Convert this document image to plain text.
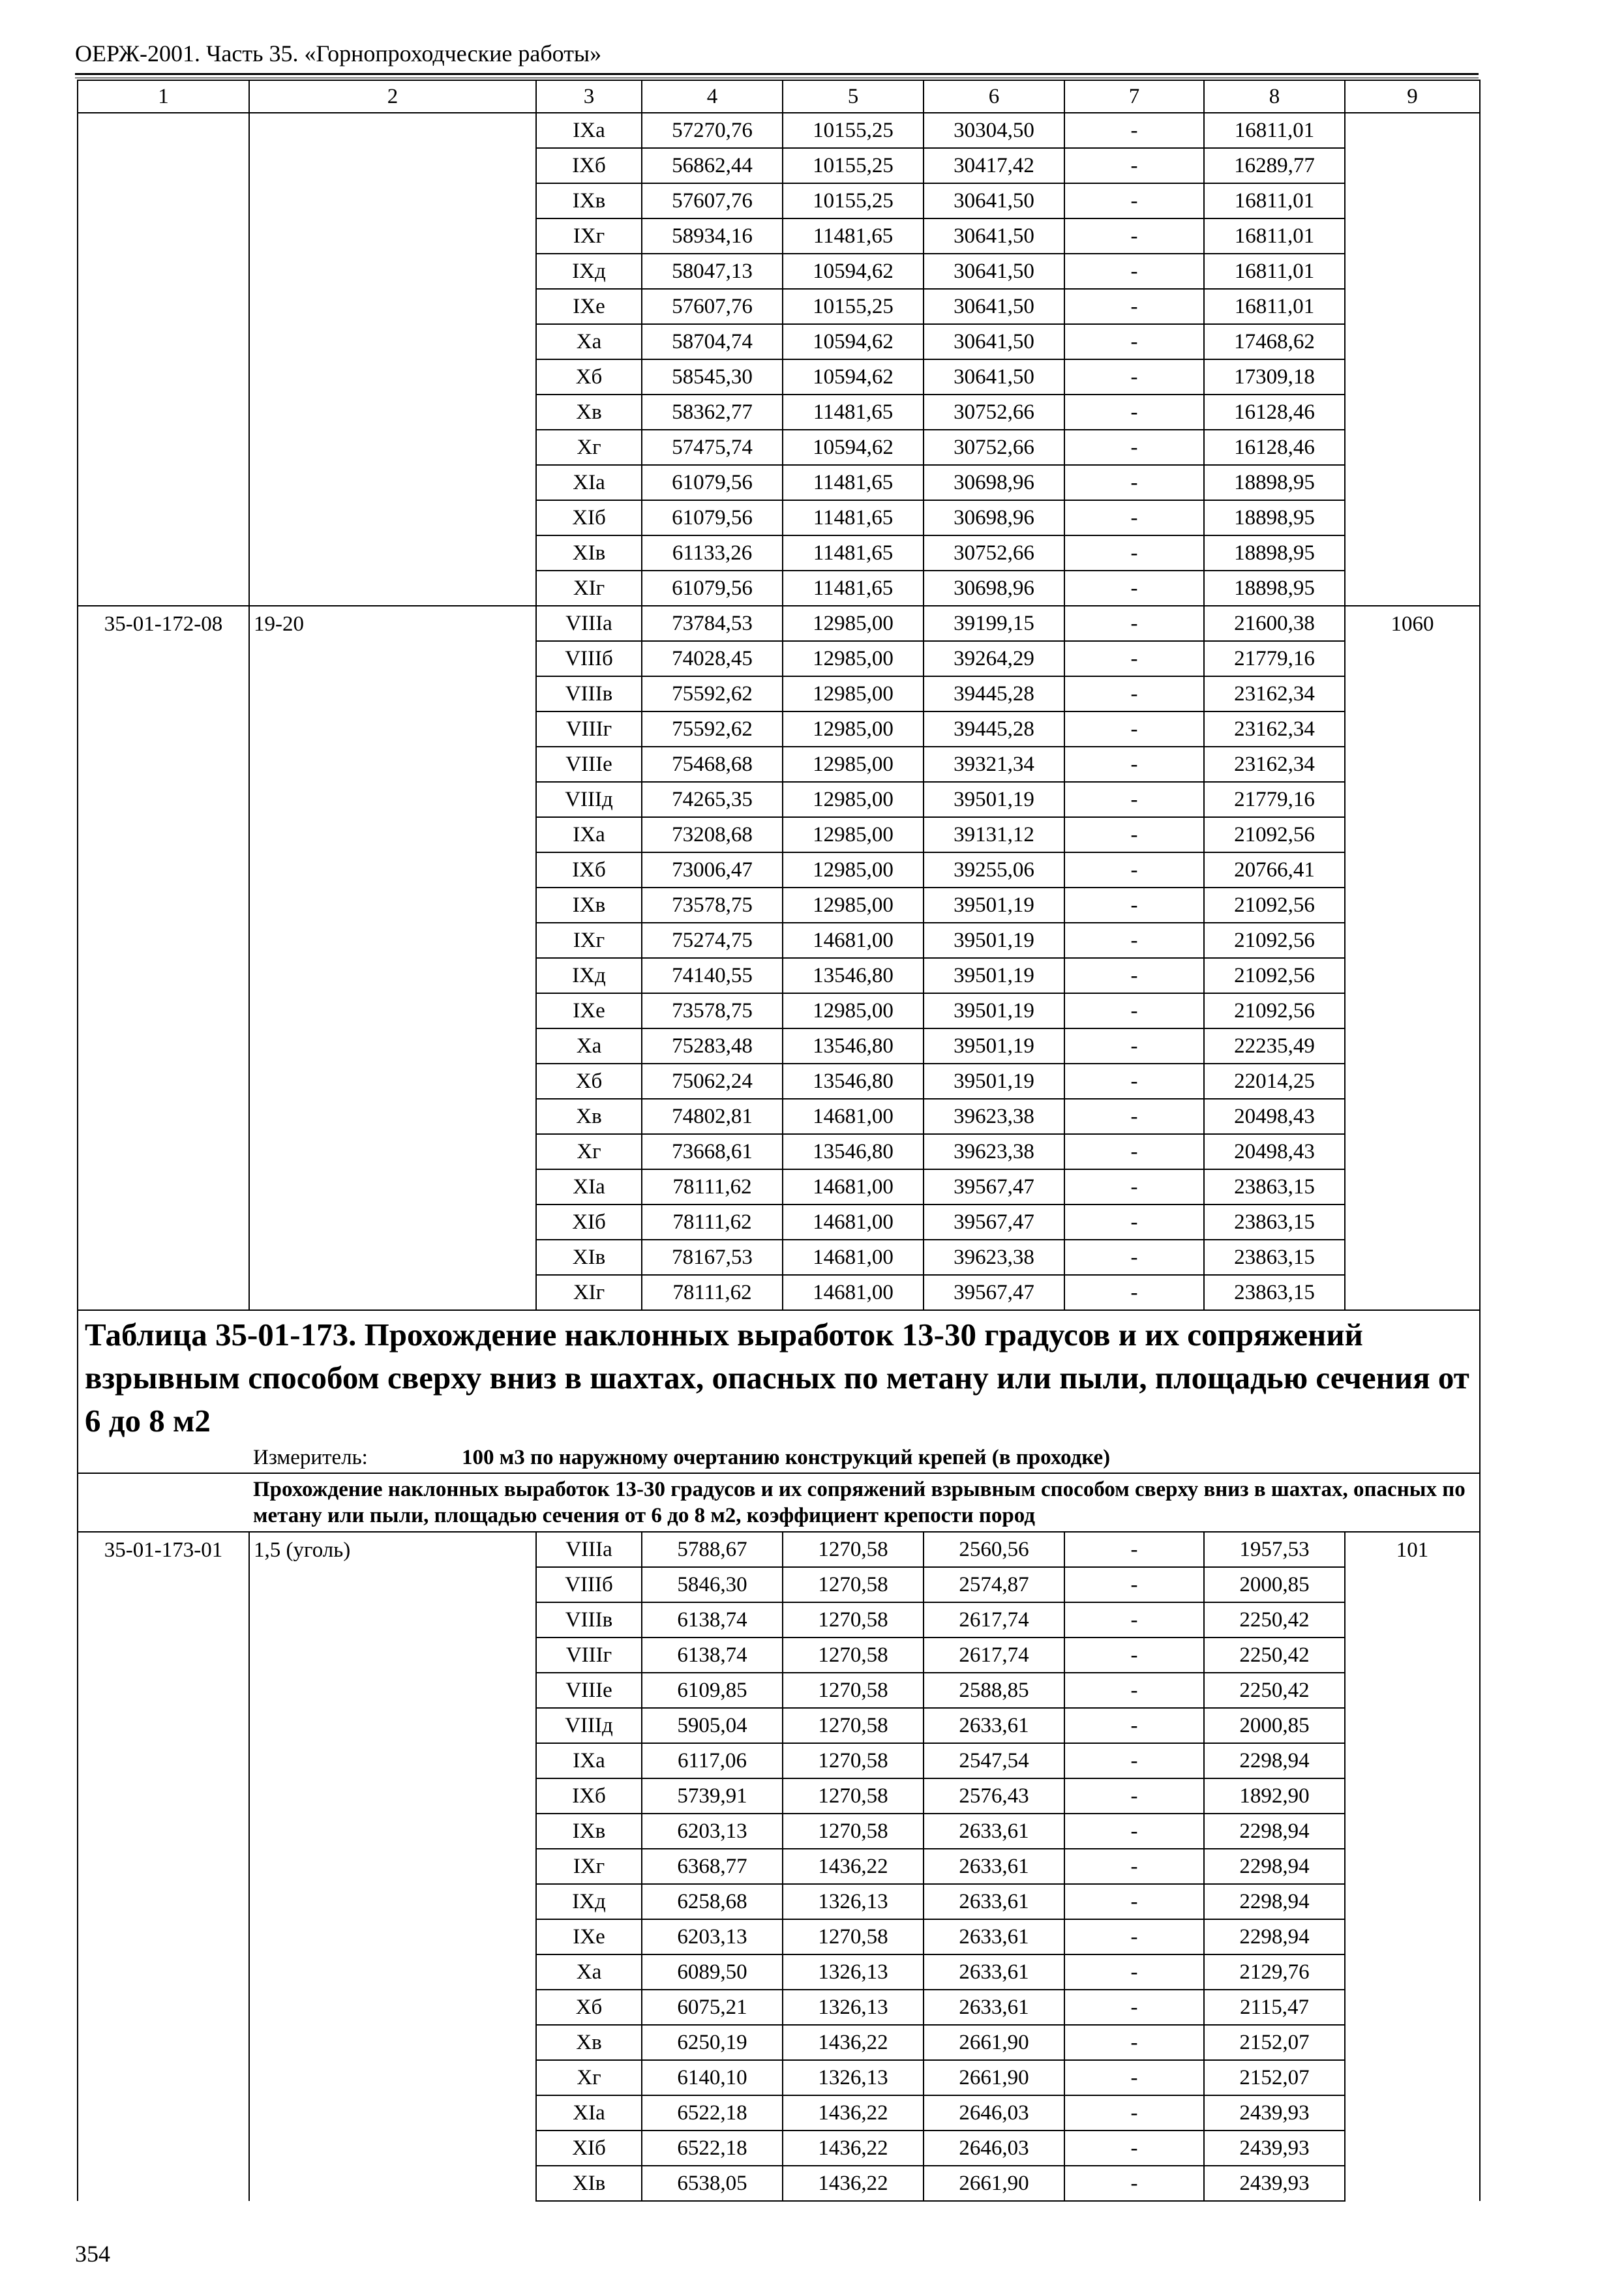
ОЕРЖ-2001. Часть 35. «Горнопроходческие работы»
1	2	3	4	5	6	7	8	9
		IXа	57270,76	10155,25	30304,50	-	16811,01	
		IXб	56862,44	10155,25	30417,42	-	16289,77	
		IXв	57607,76	10155,25	30641,50	-	16811,01	
		IXг	58934,16	11481,65	30641,50	-	16811,01	
		IXд	58047,13	10594,62	30641,50	-	16811,01	
		IXе	57607,76	10155,25	30641,50	-	16811,01	
		Xа	58704,74	10594,62	30641,50	-	17468,62	
		Xб	58545,30	10594,62	30641,50	-	17309,18	
		Xв	58362,77	11481,65	30752,66	-	16128,46	
		Xг	57475,74	10594,62	30752,66	-	16128,46	
		XIа	61079,56	11481,65	30698,96	-	18898,95	
		XIб	61079,56	11481,65	30698,96	-	18898,95	
		XIв	61133,26	11481,65	30752,66	-	18898,95	
		XIг	61079,56	11481,65	30698,96	-	18898,95	
35-01-172-08	19-20	VIIIа	73784,53	12985,00	39199,15	-	21600,38	1060
		VIIIб	74028,45	12985,00	39264,29	-	21779,16	
		VIIIв	75592,62	12985,00	39445,28	-	23162,34	
		VIIIг	75592,62	12985,00	39445,28	-	23162,34	
		VIIIе	75468,68	12985,00	39321,34	-	23162,34	
		VIIIд	74265,35	12985,00	39501,19	-	21779,16	
		IXа	73208,68	12985,00	39131,12	-	21092,56	
		IXб	73006,47	12985,00	39255,06	-	20766,41	
		IXв	73578,75	12985,00	39501,19	-	21092,56	
		IXг	75274,75	14681,00	39501,19	-	21092,56	
		IXд	74140,55	13546,80	39501,19	-	21092,56	
		IXе	73578,75	12985,00	39501,19	-	21092,56	
		Xа	75283,48	13546,80	39501,19	-	22235,49	
		Xб	75062,24	13546,80	39501,19	-	22014,25	
		Xв	74802,81	14681,00	39623,38	-	20498,43	
		Xг	73668,61	13546,80	39623,38	-	20498,43	
		XIа	78111,62	14681,00	39567,47	-	23863,15	
		XIб	78111,62	14681,00	39567,47	-	23863,15	
		XIв	78167,53	14681,00	39623,38	-	23863,15	
		XIг	78111,62	14681,00	39567,47	-	23863,15	
Таблица 35-01-173. Прохождение наклонных выработок 13-30 градусов и их сопряжений взрывным способом сверху вниз в шахтах, опасных по метану или пыли, площадью сечения от 6 до 8 м2								
	Измеритель: 100 м3 по наружному очертанию конструкций крепей (в проходке)							
	Прохождение наклонных выработок 13-30 градусов и их сопряжений взрывным способом сверху вниз в шахтах, опасных по метану или пыли, площадью сечения от 6 до 8 м2, коэффициент крепости пород							
35-01-173-01	1,5 (уголь)	VIIIа	5788,67	1270,58	2560,56	-	1957,53	101
		VIIIб	5846,30	1270,58	2574,87	-	2000,85	
		VIIIв	6138,74	1270,58	2617,74	-	2250,42	
		VIIIг	6138,74	1270,58	2617,74	-	2250,42	
		VIIIе	6109,85	1270,58	2588,85	-	2250,42	
		VIIIд	5905,04	1270,58	2633,61	-	2000,85	
		IXа	6117,06	1270,58	2547,54	-	2298,94	
		IXб	5739,91	1270,58	2576,43	-	1892,90	
		IXв	6203,13	1270,58	2633,61	-	2298,94	
		IXг	6368,77	1436,22	2633,61	-	2298,94	
		IXд	6258,68	1326,13	2633,61	-	2298,94	
		IXе	6203,13	1270,58	2633,61	-	2298,94	
		Xа	6089,50	1326,13	2633,61	-	2129,76	
		Xб	6075,21	1326,13	2633,61	-	2115,47	
		Xв	6250,19	1436,22	2661,90	-	2152,07	
		Xг	6140,10	1326,13	2661,90	-	2152,07	
		XIа	6522,18	1436,22	2646,03	-	2439,93	
		XIб	6522,18	1436,22	2646,03	-	2439,93	
		XIв	6538,05	1436,22	2661,90	-	2439,93	
354
